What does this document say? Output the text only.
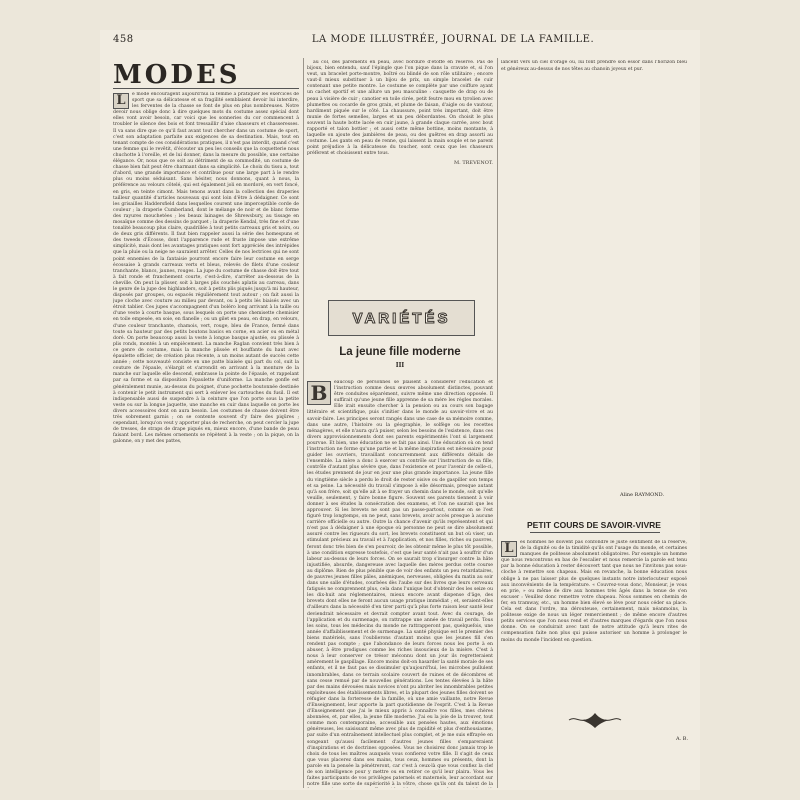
458	LA MODE ILLUSTRÉE, JOURNAL DE LA FAMILLE.
MODES
L	e mode encouragent aujourd'hui la femme à pratiquer les exercices de sport que sa délicatesse et sa fragilité semblaient devoir lui interdire, les ferventes de la chasse se font de plus en plus nombreuses. Notre devoir nous oblige donc à dire quelques mots du costume assez spécial dont elles vont avoir besoin, car voici que les sonneries du cor commencent à troubler le silence des bois et font tressaillir d'aise chasseurs et chasseresses. Il va sans dire que ce qu'il faut avant tout chercher dans un costume de sport, c'est son adaptation parfaite aux exigences de sa destination. Mais, tout en tenant compte de ces considérations pratiques, il n'est pas interdit, quand c'est une femme qui le revêtit, d'écouter un peu les conseils que la coquetterie nous chuchotte à l'oreille, et de lui donner, dans la mesure du possible, une certaine élégance. Or, nous que ce soit au détriment de sa commodité, un costume de chasse bien fait peut être charmant dans sa simplicité. Le choix du tissu a, tout d'abord, une grande importance et contribue pour une large part à le rendre plus ou moins séduisant. Sans hésiter, nous donnons, quant à nous, la préférence au velours côtelé, qui est également joli en mordoré, en vert foncé, en gris, en teinte cimont. Mais tenons avant dans la collection des draperies tailleur quantité d'articles nouveaux qui sont loin d'être à dédaigner. Ce sont les grisailles Haddersfield dans lesquelles courent une imperceptible corde de couleur ; la draperie Cumberland, dont le mélange de noir et de blanc forme des rayures mouchetées ; les beaux lainages de Shrewsbury, au tissage en mosaïque comme des dessins de parquet ; la draperie Kendal, très fine et d'une tonalité beaucoup plus claire, quadrillée à tout petits carreaux gris et noirs, ou de deux gris différents. Il faut bien rappeler aussi la série des homespuns et des tweeds d'Écosse, dont l'apparence rude et fruste impose une extrême simplicité, mais dont les avantages pratiques sont fort appréciés des intrépides que la pluie ou la neige ne sauraient arrêter. Celles de nos lectrices qui ne sont point ennemies de la fantaisie pourront encore faire leur costume en serge écossaise à grands carreaux verts et bleus, relevés de filets d'une couleur tranchante, blancs, jaunes, rouges. La jupe du costume de chasse doit être tout à fait ronde et franchement courte, c'est-à-dire, s'arrêter au-dessous de la cheville. On peut la plisser, soit à larges plis couchés aplatis au carreau, dans le genre de la jupe des highlanders, soit à petits plis piqués jusqu'à mi hauteur, disposés par groupes, ou espacés régulièrement tout autour ; on fait aussi la jupe cloche avec couture au milieu par devant, ou à petits lés biaisés avec un étroit tablier. Ces jupes s'accompagnent d'un boléro long arrivant à la taille ou d'une veste à courte basque, sous lesquels on porte une chemisette chemisier en toile empesée, en soie, en flanelle ; ou un gilet en peau, en drap, en velours, d'une couleur tranchante, chamois, vert, rouge, bleu de France, fermé dans toute sa hauteur par des petits boutons basics en corne, en acier ou en métal doré. On porte beaucoup aussi la veste à longue basque ajustée, ou plissée à plis ronds, montés à un empiècement. La manche Raglan convient très bien à ce genre de costume, mais la manche plissée et bouffante du haut avec épaulette officier, de création plus récente, a un moins autant de succès cette année ; cette nouveauté consiste en une patte biaisée qui part du col, suit la couture de l'épaule, s'élargit et s'arrondit en arrivant à la monture de la manche sur laquelle elle descend, embrasse la pointe de l'épaule, et rappelant par sa forme et sa disposition l'épaulette d'uniforme. La manche gonfle est généralement munie, au-dessus du poignet, d'une pochette boutonnée destinée à contenir le petit instrument qui sert à enlever les cartouches du fusil. Il est indispensable aussi de suspendre à la ceinture que l'on porte sous la petite veste ou sur la longue jaquette, une manche en cuir dans laquelle on porte les divers accessoires dont on aura besoin. Les costumes de chasse doivent être très sobrement garnis ; on se contente souvent d'y faire des piqûres ; cependant, lorsqu'on veut y apporter plus de recherche, on peut cercler la jupe de tresses, de straps de drape piqués en, mieux encore, d'une bande de peau faisant bord. Les mêmes ornements se répètent à la veste ; on la pique, on la galonne, on y met des pattes,

au col, des parements en peau, avec bordure d'étoffe en réserve. Pas de bijoux, bien entendu, sauf l'épingle que l'on pique dans la cravate et, si l'on veut, un bracelet porte-montre, boîtré ou blindé de son rôle utilitaire ; encore vaut-il mieux substituer à un bijou de prix, un simple bracelet de cuir contenant une petite montre. Le costume se complète par une coiffure ayant un cachet sportif et une allure un peu masculine : casquette de drap ou de peau à visière de cuir ; canotier en toile cirée, petit feutre mou en tyrolien avec plumettes ou cocarde de gros grain, et plume de faisan, d'aigle ou de vautour, hardiment piquée sur le côté. La chaussure, point très important, doit être munie de fortes semelles, larges et un peu débordantes. On choisit le plus souvent la haute botte lacée en cuir jaune, à grande claque carrée, avec bout rapporté et talon bottier ; et aussi cette même bottine, moins montante, à laquelle on ajoute des jambières de peau, ou des guêtres en drap assorti au costume. Les gants en peau de renne, qui laissent la main souple et ne parent point préjudice à la délicatesse du toucher, sont ceux que les chasseurs préfèrent et choisissent entre tous.

M. TREVENOT.
VARIÉTÉS
La jeune fille moderne
III
B	eaucoup de personnes se plaisent à considérer l'éducation et l'instruction comme deux œuvres absolument distinctes, pouvant être conduites séparément, suivre même une direction opposée. Il suffirait qu'une jeune fille apprenne de sa mère les règles morales. Elle irait ensuite chercher à la pension ou au cours son bagage littéraire et scientifique, puis s'initier dans le monde au savoir-vivre et au savoir-faire. Les principes seront rangés dans une case de sa mémoire comme, dans une autre, l'histoire ou la géographie, le solfège ou les recettes ménagères, et elle n'aura qu'à puiser, selon les besoins de l'existence, dans ces divers approvisionnements dont ses parents expérimentés l'ont si largement pourvue. Et bien, une éducation ne se fait pas ainsi. Une éducation où on tend l'instruction ne forme qu'une partie et la même inspiration est nécessaire pour guider les ouvriers, travaillant concurremment aux différents détails de l'ensemble. La mère a donc à exercer un contrôle sur l'instruction de sa fille, contrôle d'autant plus sévère que, dans l'existence et pour l'avenir de celle-ci, les études prennent de jour en jour une plus grande importance. La jeune fille du vingtième siècle a perdu le droit de rester oisive ou de gaspiller son temps et sa peine. La nécessité du travail s'impose à elle désormais, presque autant qu'à son frère, soit qu'elle ait à se frayer un chemin dans le monde, soit qu'elle veuille, seulement, y faire bonne figure. Souvent ses parents tiennent à voir donner à ses études la consécration des examens, et l'on ne saurait que les approuver. Si les brevets ne sont pas un passe-partout, comme on se l'est figuré trop longtemps, on ne peut, sans brevets, avoir accès presque à aucune carrière officielle ou autre. Outre la chance d'avenir qu'ils représentent et qui n'est pas à dédaigner à une époque où personne ne peut se dire absolument assuré contre les rigueurs du sort, les brevets constituent un but où viser, un stimulant précieux au travail et à l'application, et nos filles, riches ou pauvres, feront donc très bien de s'en pourvoir, de les obtenir même le plus tôt possible, à une condition expresse toutefois, c'est que leur santé n'ait pas à souffrir d'un labeur au-dessus de leurs forces. On se saurait trop s'insurger contre la hâte injustifiée, absurde, dangereuse avec laquelle des mères perdus cette course au diplôme. Rien de plus pénible que de voir des enfants un peu retardataires, de pauvres jeunes filles pâles, anémiques, nerveuses, obligées du matin au soir dans une salle d'études, courbées dès l'aube sur des livres que leurs cerveaux fatigués ne comprennent plus, cela dans l'unique but d'obtenir des les seize ou les dix-huit ans réglementaires, mieux encore avant dispense d'âge, des brevets dont elles ne feront aucun usage pratique immédiat ; et, seraient-elles d'ailleurs dans la nécessité d'en tirer parti qu'à plus forte raison leur santé leur deviendrait nécessaire et devrait compter avant tout. Avec du courage, de l'application et du surmenage, on rattrappe une année de travail perdu. Tous les soins, tous les médecins du monde ne rattrapperont pas, quelquefois, une année d'affaiblissement et de surmenage. La santé physique est le premier des biens matériels, sans l'oublierons d'autant moins que les jeunes fill s'en rendent pas compte ; que l'abondance de leurs forces nous les porte à en abuser, à être prodigues comme les riches insoucieux de la misère. C'est à nous à leur conserver ce trésor méconnu dont un jour ils regretteraient amèrement le gaspillage. Encore moins doit-on hasarder la santé morale de ses enfants, et il ne faut pas se dissimuler qu'aujourd'hui, les microbes pullulent innombrables, dans ce terrain scolaire couvert de ruines et de décombres et sans cesse remué par de nouvelles générations. Les tentes élevées à la hâte par des mains dévouées mais novices n'ont pu abriter les innombrables petites exploiteuses des établissements libres, et la plupart des jeunes filles doivent se réfugier dans la forteresse de la famille, où une amie vaillante, notre Revue d'Enseignement, leur apporte la part quotidienne de l'esprit. C'est à la Revue d'Enseignement que j'ai le mieux appris à connaître vos filles, mes chères abonnées, et, par elles, la jeune fille moderne. J'ai eu la joie de la trouver, tout comme mon contemporaine, accessible aux pensées hautes, aux émotions généreuses, les saisissant même avec plus de rapidité et plus d'enthousiasme, par suite d'un entraînement intellectuel plus complet, et je me suis effrayée en songeant qu'aussi facilement d'autres jeunes filles s'empareraient d'inspirations et de doctrines opposées. Vous ne choisirez donc jamais trop le choix de tous les maîtres auxquels vous confierez votre fille. Il s'agit de ceux que vous placerez dans ses mains, tous ceux, hommes ou présents, dont la parole en la pensée la pénétreront, car c'est à ceux-là que vous confiez la clef de son intelligence pour y mettre ou en retirer ce qu'il leur plaira. Vous les faites participants de vos privilèges paternels et maternels, leur accordant sur notre fille une sorte de supériorité à la vôtre, chose qu'ils ont du talent de la
lancent vers un ciel d'orage où, lui font prendre son essor dans l'horizon bleu et généreux au-dessus de nos têtes au chanoin joyeux et pur.
Aline RAYMOND.
PETIT COURS DE SAVOIR-VIVRE
L	es hommes ne doivent pas confondre le juste sentiment de la réserve, de la dignité ou de la timidité qu'ils ont l'usage du monde, et certaines manques de politesse absolument obligatoires. Par exemple un homme que nous rencontrons en bas de l'escalier et nous remercie la parole est tenu par la bonne éducation à rester découvert tant que nous ne l'invitons pas sous-cloche à remettre son chapeau. Mais en revanche, la bonne éducation nous oblige à ne pas laisser plus de quelques instants notre interlocuteur exposé aux inconvénients de la température. « Couvrez-vous donc, Monsieur, je vous en prie, » ou même de dire aux hommes très âgés dans la tenue de s'en excuser : Veuillez donc remettre votre chapeau. Nous sommes en chemin de fer, en tramway, etc., un homme bien élevé se lève pour nous céder sa place. Cela est dans l'ordre, ma dérouteuse, certainement, mais néanmoins, la politesse exige de nous un léger remerciement ; de même encore d'autres petits services que l'on nous rend et d'autres marques d'égards que l'on nous donne. On se conduirait avec tant de notre attitude qu'à leurs rites de compensation faite non plus qui puisse autoriser un homme à prolonger le moins du monde l'incident en question.
A. B.
